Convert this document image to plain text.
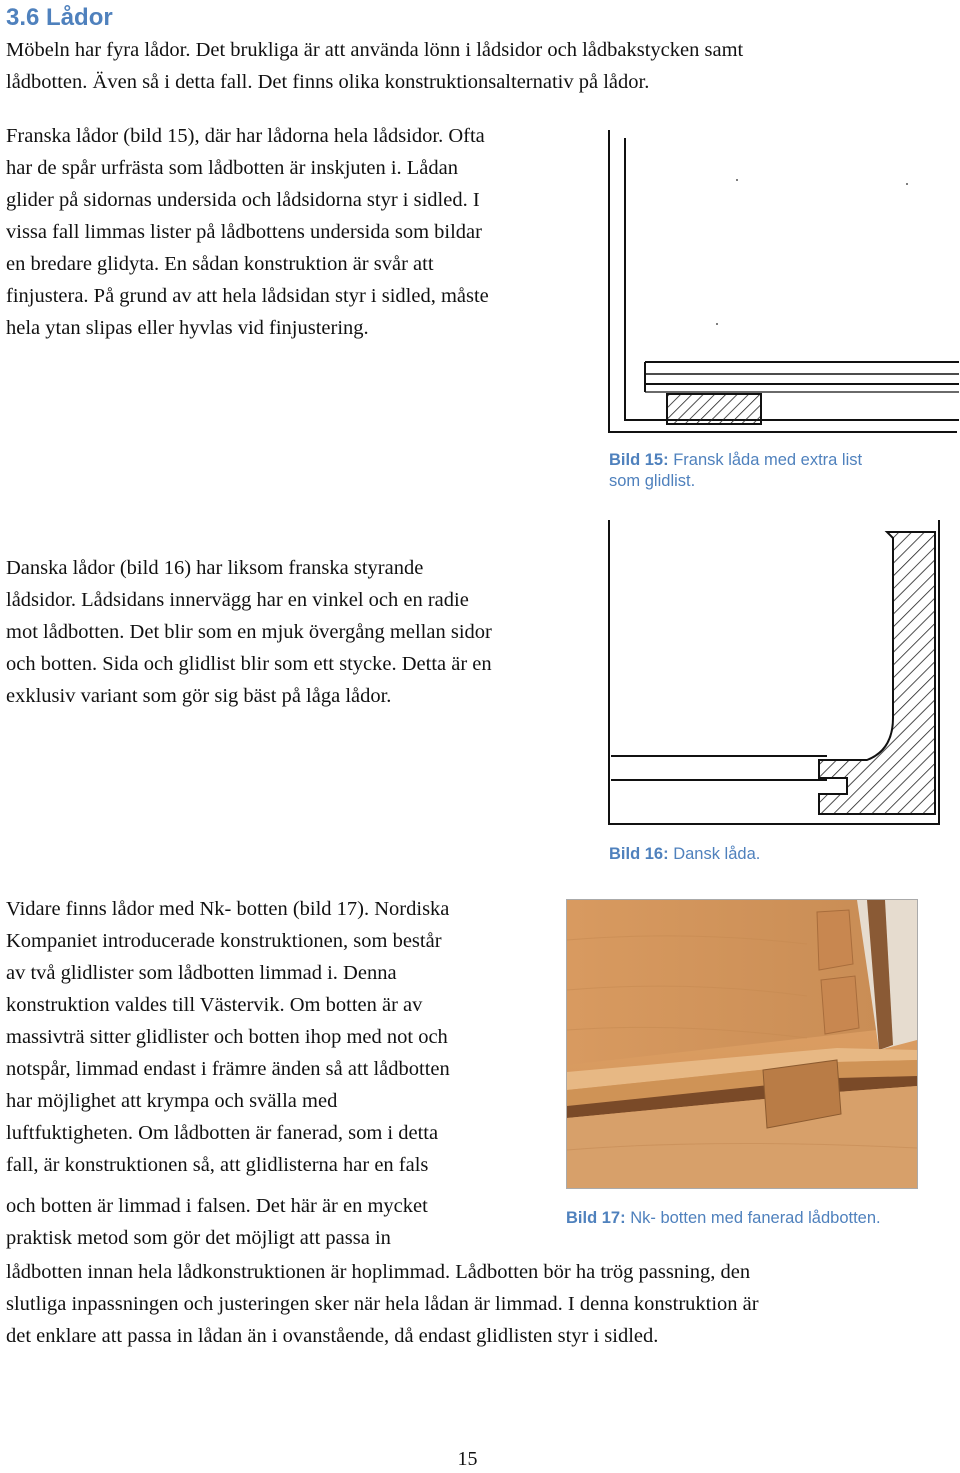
3.6 Lådor

Möbeln har fyra lådor. Det brukliga är att använda lönn i lådsidor och lådbakstycken samt

lådbotten. Även så i detta fall. Det finns olika konstruktionsalternativ på lådor.

Franska lådor (bild 15), där har lådorna hela lådsidor. Ofta

har de spår urfrästa som lådbotten är inskjuten i. Lådan

glider på sidornas undersida och lådsidorna styr i sidled. I

vissa fall limmas lister på lådbottens undersida som bildar

en bredare glidyta. En sådan konstruktion är svår att

finjustera. På grund av att hela lådsidan styr i sidled, måste

hela ytan slipas eller hyvlas vid finjustering.

Bild 15: Fransk låda med extra list

som glidlist.

Danska lådor (bild 16) har liksom franska styrande

lådsidor. Lådsidans innervägg har en vinkel och en radie

mot lådbotten. Det blir som en mjuk övergång mellan sidor

och botten. Sida och glidlist blir som ett stycke. Detta är en

exklusiv variant som gör sig bäst på låga lådor.

Bild 16: Dansk låda.

Vidare finns lådor med Nk- botten (bild 17). Nordiska

Kompaniet introducerade konstruktionen, som består

av två glidlister som lådbotten limmad i. Denna

konstruktion valdes till Västervik. Om botten är av

massivträ sitter glidlister och botten ihop med not och

notspår, limmad endast i främre änden så att lådbotten

har möjlighet att krympa och svälla med

luftfuktigheten. Om lådbotten är fanerad, som i detta

fall, är konstruktionen så, att glidlisterna har en fals

och botten är limmad i falsen. Det här är en mycket

praktisk metod som gör det möjligt att passa in

Bild 17: Nk- botten med fanerad lådbotten.

lådbotten innan hela lådkonstruktionen är hoplimmad. Lådbotten bör ha trög passning, den

slutliga inpassningen och justeringen sker när hela lådan är limmad. I denna konstruktion är

det enklare att passa in lådan än i ovanstående, då endast glidlisten styr i sidled.

15
